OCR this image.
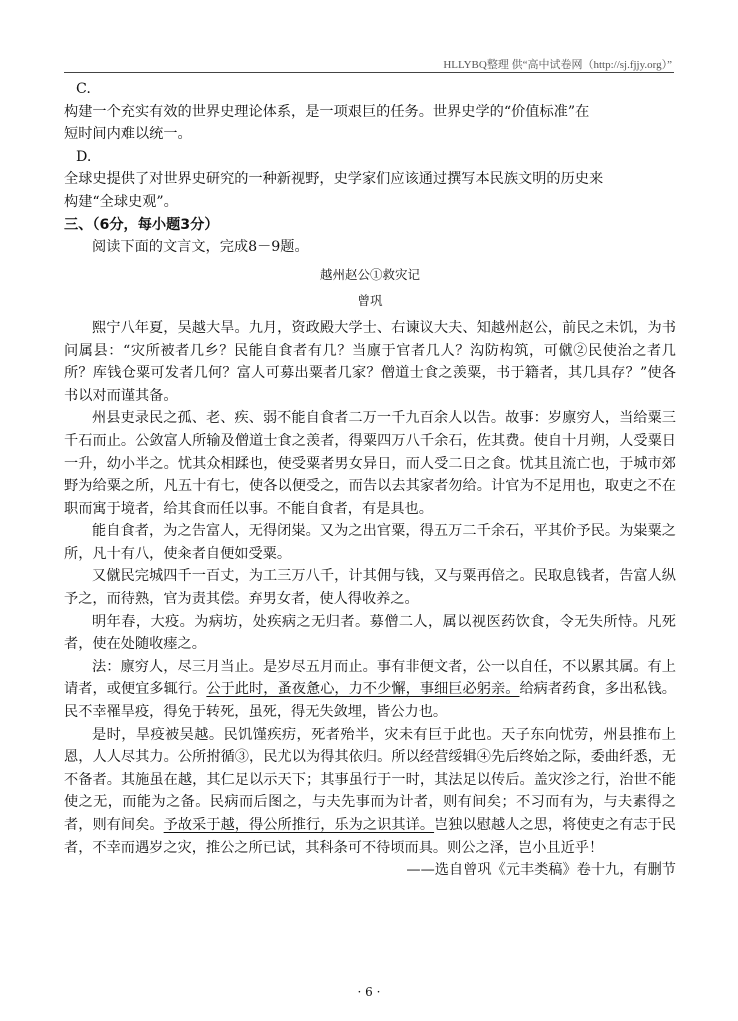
HLLYBQ整理 供“高中试卷网（http://sj.fjjy.org）”

C.

构建一个充实有效的世界史理论体系，是一项艰巨的任务。世界史学的“价值标准”在

短时间内难以统一。

D.

全球史提供了对世界史研究的一种新视野，史学家们应该通过撰写本民族文明的历史来

构建“全球史观”。

三、（6分，每小题3分）

阅读下面的文言文，完成8－9题。

越州赵公①救灾记

曾巩

熙宁八年夏，吴越大旱。九月，资政殿大学士、右谏议大夫、知越州赵公，前民之未饥，为书问属县：“灾所被者几乡？民能自食者有几？当廪于官者几人？沟防构筑，可僦②民使治之者几所？库钱仓粟可发者几何？富人可募出粟者几家？僧道士食之羡粟，书于籍者，其几具存？”使各书以对而谨其备。

州县吏录民之孤、老、疾、弱不能自食者二万一千九百余人以告。故事：岁廪穷人，当给粟三千石而止。公敛富人所输及僧道士食之羡者，得粟四万八千余石，佐其费。使自十月朔，人受粟日一升，幼小半之。忧其众相蹂也，使受粟者男女异日，而人受二日之食。忧其且流亡也，于城市郊野为给粟之所，凡五十有七，使各以便受之，而告以去其家者勿给。计官为不足用也，取吏之不在职而寓于境者，给其食而任以事。不能自食者，有是具也。

能自食者，为之告富人，无得闭粜。又为之出官粟，得五万二千余石，平其价予民。为粜粟之所，凡十有八，使籴者自便如受粟。

又僦民完城四千一百丈，为工三万八千，计其佣与钱，又与粟再倍之。民取息钱者，告富人纵予之，而待熟，官为责其偿。弃男女者，使人得收养之。

明年春，大疫。为病坊，处疾病之无归者。募僧二人，属以视医药饮食，令无失所恃。凡死者，使在处随收瘗之。

法：廪穷人，尽三月当止。是岁尽五月而止。事有非便文者，公一以自任，不以累其属。有上请者，或便宜多辄行。公于此时，蚤夜惫心，力不少懈，事细巨必躬亲。给病者药食，多出私钱。民不幸罹旱疫，得免于转死，虽死，得无失敛埋，皆公力也。

是时，旱疫被吴越。民饥馑疾疠，死者殆半，灾未有巨于此也。天子东向忧劳，州县推布上恩，人人尽其力。公所拊循③，民尤以为得其依归。所以经营绥辑④先后终始之际，委曲纤悉，无不备者。其施虽在越，其仁足以示天下；其事虽行于一时，其法足以传后。盖灾沴之行，治世不能使之无，而能为之备。民病而后图之，与夫先事而为计者，则有间矣；不习而有为，与夫素得之者，则有间矣。予故采于越，得公所推行，乐为之识其详。岂独以慰越人之思，将使吏之有志于民者，不幸而遇岁之灾，推公之所已试，其科条可不待顷而具。则公之泽，岂小且近乎！

——选自曾巩《元丰类稿》卷十九，有删节

· 6 ·
